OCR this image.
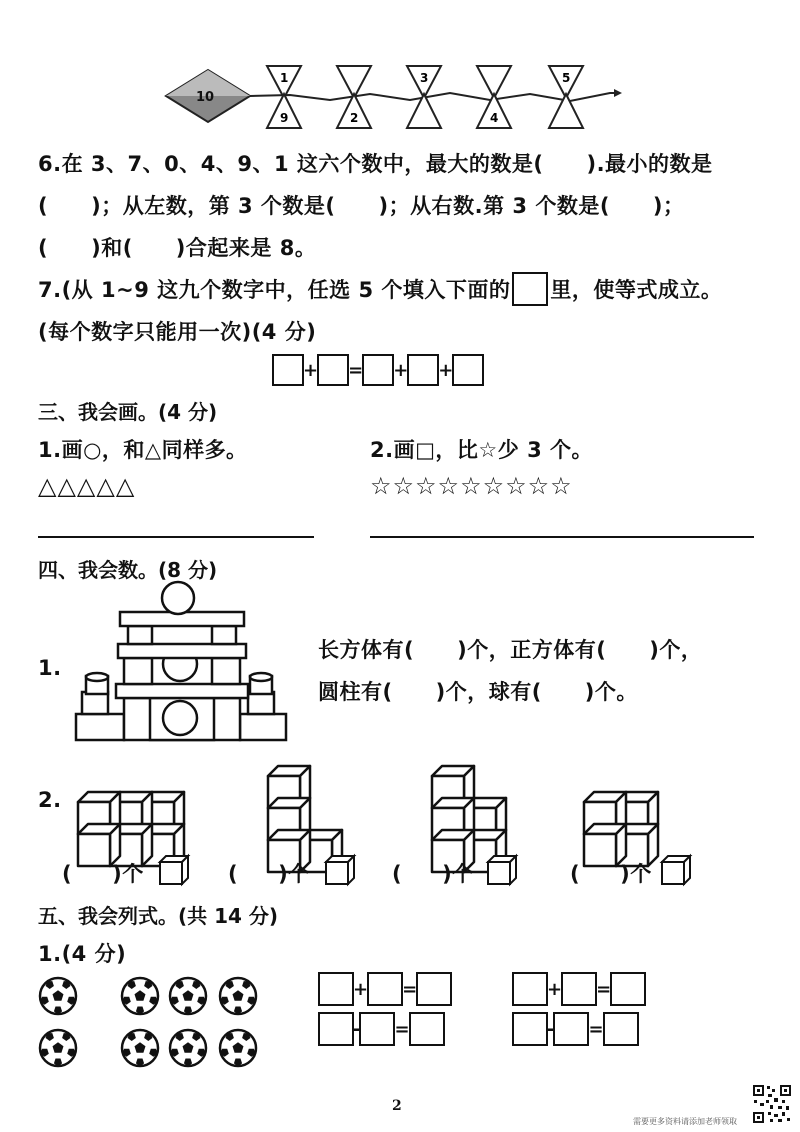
10
1
9	2
3
4
5
6.在 3、7、0、4、9、1 这六个数中，最大的数是(　　).最小的数是
(　　)；从左数，第 3 个数是(　　)；从右数.第 3 个数是(　　)；
(　　)和(　　)合起来是 8。
7.(从 1~9 这九个数字中，任选 5 个填入下面的 里，使等式成立。
(每个数字只能用一次)(4 分)
+ = + +
三、我会画。(4 分)
1.画○，和△同样多。	2.画□，比☆少 3 个。
△△△△△	☆☆☆☆☆☆☆☆☆
四、我会数。(8 分)
1.
长方体有(　　)个，正方体有(　　)个，
圆柱有(　　)个，球有(　　)个。
2.
( )个	( )个	( )个	( )个
五、我会列式。(共 14 分)
1.(4 分)
+ =
- =
+ =
- =
2
需要更多资料请添加老师领取
